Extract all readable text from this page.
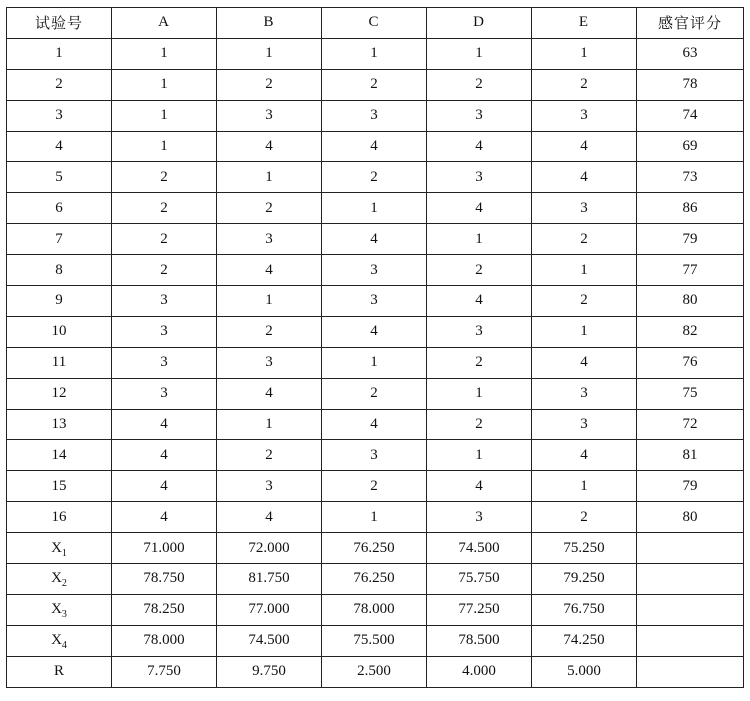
试验号	A	B	C	D	E	感官评分
1	1	1	1	1	1	63
2	1	2	2	2	2	78
3	1	3	3	3	3	74
4	1	4	4	4	4	69
5	2	1	2	3	4	73
6	2	2	1	4	3	86
7	2	3	4	1	2	79
8	2	4	3	2	1	77
9	3	1	3	4	2	80
10	3	2	4	3	1	82
11	3	3	1	2	4	76
12	3	4	2	1	3	75
13	4	1	4	2	3	72
14	4	2	3	1	4	81
15	4	3	2	4	1	79
16	4	4	1	3	2	80
$X_1$	71.000	72.000	76.250	74.500	75.250	
$X_2$	78.750	81.750	76.250	75.750	79.250	
$X_3$	78.250	77.000	78.000	77.250	76.750	
$X_4$	78.000	74.500	75.500	78.500	74.250	
R	7.750	9.750	2.500	4.000	5.000	
